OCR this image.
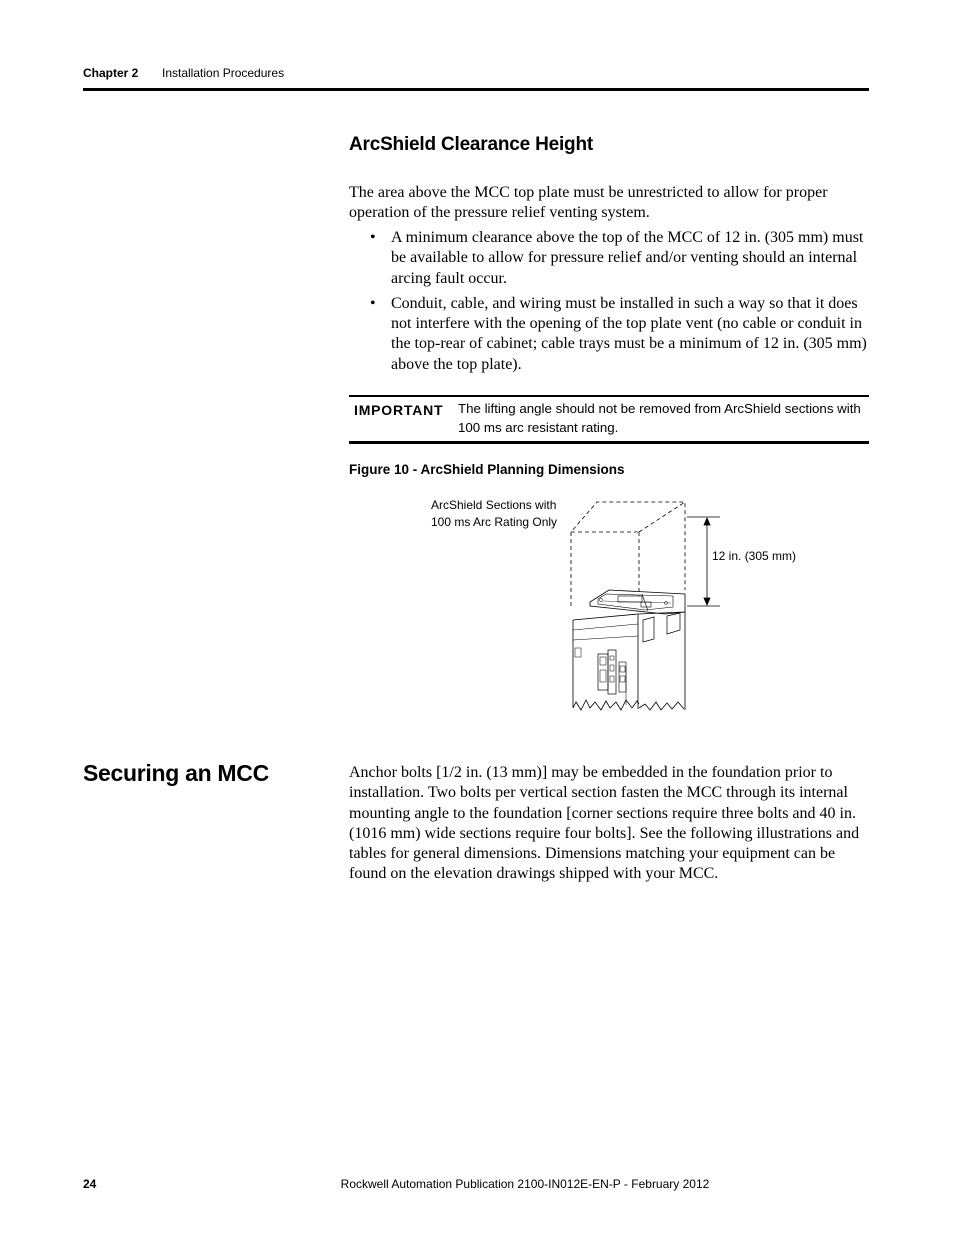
Chapter 2 Installation Procedures
ArcShield Clearance Height

The area above the MCC top plate must be unrestricted to allow for proper operation of the pressure relief venting system.

• A minimum clearance above the top of the MCC of 12 in. (305 mm) must be available to allow for pressure relief and/or venting should an internal arcing fault occur.
• Conduit, cable, and wiring must be installed in such a way so that it does not interfere with the opening of the top plate vent (no cable or conduit in the top-rear of cabinet; cable trays must be a minimum of 12 in. (305 mm) above the top plate).
IMPORTANT The lifting angle should not be removed from ArcShield sections with 100 ms arc resistant rating.
Figure 10 - ArcShield Planning Dimensions
ArcShield Sections with
100 ms Arc Rating Only
12 in. (305 mm)
Securing an MCC	Anchor bolts [1/2 in. (13 mm)] may be embedded in the foundation prior to installation. Two bolts per vertical section fasten the MCC through its internal mounting angle to the foundation [corner sections require three bolts and 40 in. (1016 mm) wide sections require four bolts]. See the following illustrations and tables for general dimensions. Dimensions matching your equipment can be found on the elevation drawings shipped with your MCC.

24	Rockwell Automation Publication 2100-IN012E-EN-P - February 2012
